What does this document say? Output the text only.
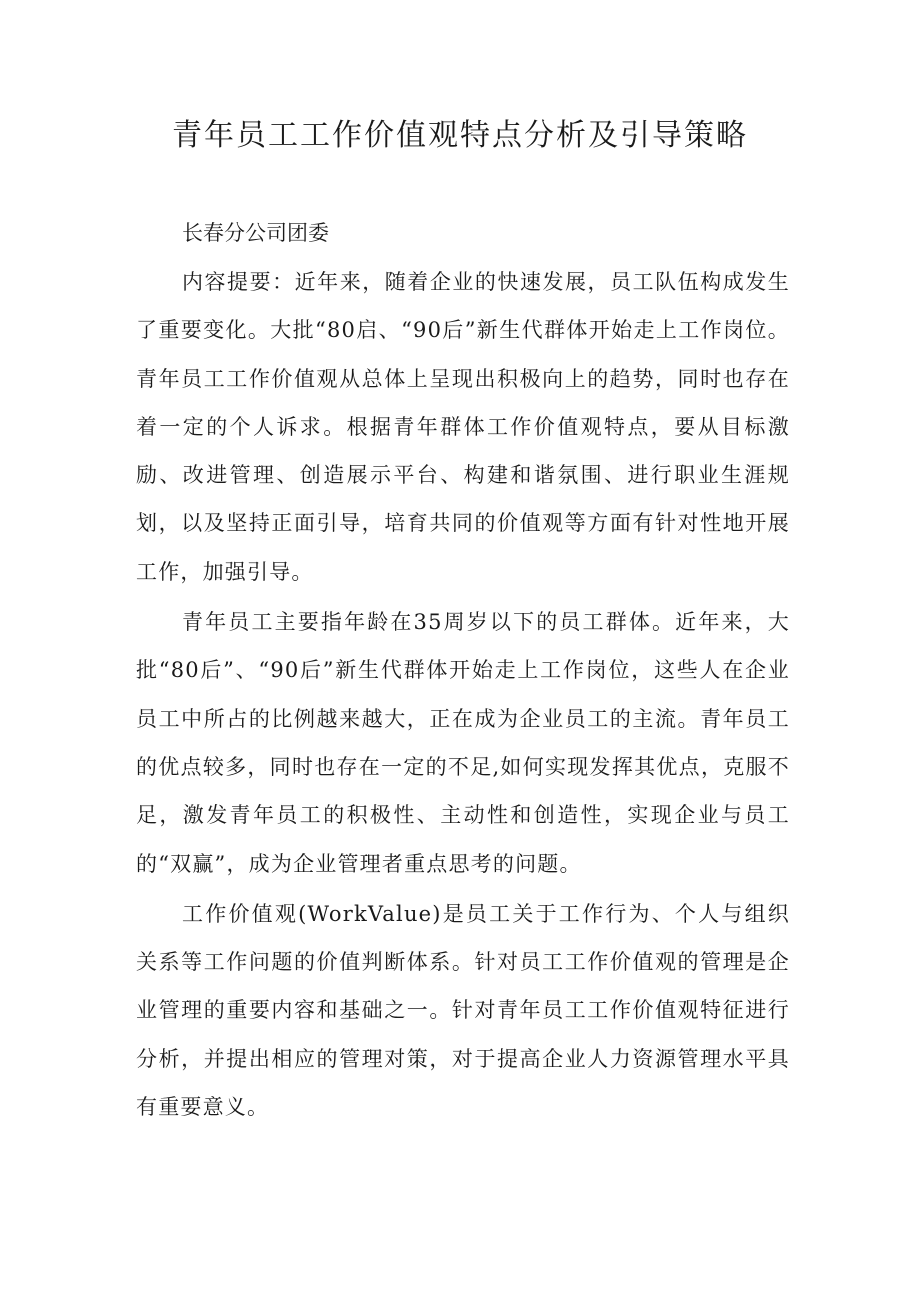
青年员工工作价值观特点分析及引导策略
长春分公司团委

内容提要：近年来，随着企业的快速发展，员工队伍构成发生了重要变化。大批“80启、“90后”新生代群体开始走上工作岗位。青年员工工作价值观从总体上呈现出积极向上的趋势，同时也存在着一定的个人诉求。根据青年群体工作价值观特点，要从目标激励、改进管理、创造展示平台、构建和谐氛围、进行职业生涯规划，以及坚持正面引导，培育共同的价值观等方面有针对性地开展工作，加强引导。

青年员工主要指年龄在35周岁以下的员工群体。近年来，大批“80后”、“90后”新生代群体开始走上工作岗位，这些人在企业员工中所占的比例越来越大，正在成为企业员工的主流。青年员工的优点较多，同时也存在一定的不足,如何实现发挥其优点，克服不足，激发青年员工的积极性、主动性和创造性，实现企业与员工的“双赢”，成为企业管理者重点思考的问题。

工作价值观(WorkValue)是员工关于工作行为、个人与组织关系等工作问题的价值判断体系。针对员工工作价值观的管理是企业管理的重要内容和基础之一。针对青年员工工作价值观特征进行分析，并提出相应的管理对策，对于提高企业人力资源管理水平具有重要意义。
